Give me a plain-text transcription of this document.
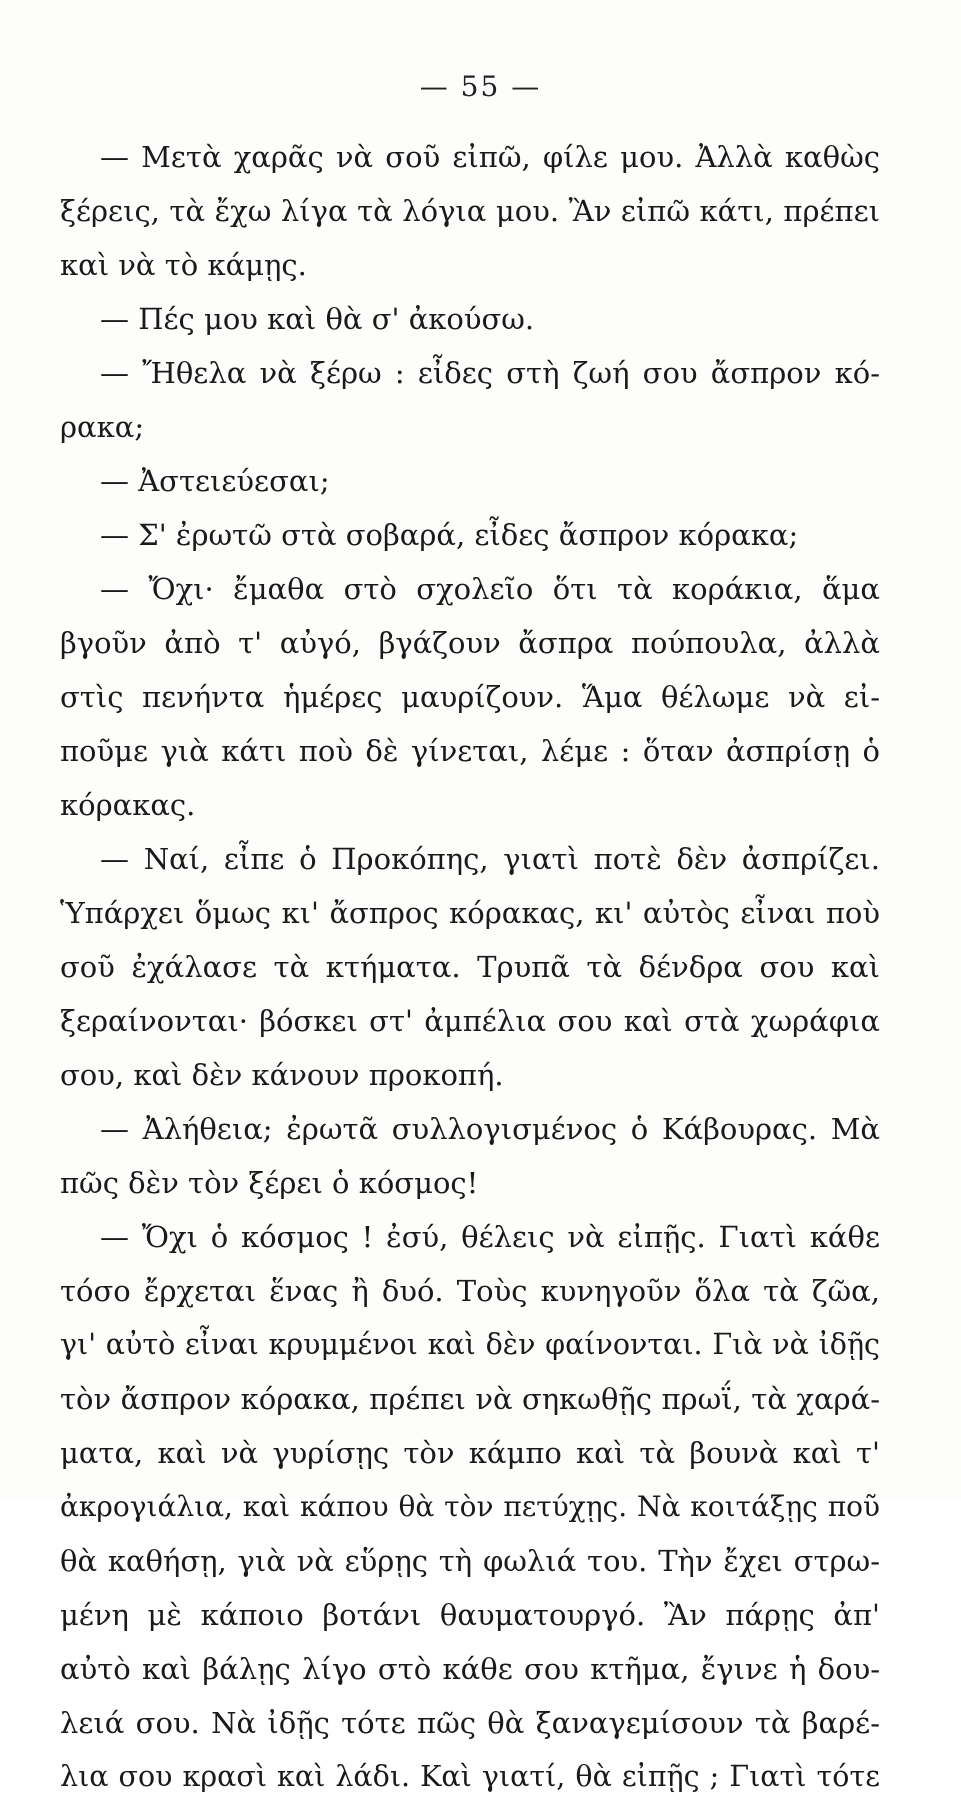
— 55 —
— Μετὰ χαρᾶς νὰ σοῦ εἰπῶ, φίλε μου. Ἀλλὰ καθὼς
ξέρεις, τὰ ἔχω λίγα τὰ λόγια μου. Ἂν εἰπῶ κάτι, πρέπει
καὶ νὰ τὸ κάμῃς.
— Πές μου καὶ θὰ σ' ἀκούσω.
— Ἤθελα νὰ ξέρω : εἶδες στὴ ζωή σου ἄσπρον κό-
ρακα;
— Ἀστειεύεσαι;
— Σ' ἐρωτῶ στὰ σοβαρά, εἶδες ἄσπρον κόρακα;
— Ὄχι· ἔμαθα στὸ σχολεῖο ὅτι τὰ κοράκια, ἅμα
βγοῦν ἀπὸ τ' αὐγό, βγάζουν ἄσπρα πούπουλα, ἀλλὰ
στὶς πενήντα ἡμέρες μαυρίζουν. Ἅμα θέλωμε νὰ εἰ-
ποῦμε γιὰ κάτι ποὺ δὲ γίνεται, λέμε : ὅταν ἀσπρίσῃ ὁ
κόρακας.
— Ναί, εἶπε ὁ Προκόπης, γιατὶ ποτὲ δὲν ἀσπρίζει.
Ὑπάρχει ὅμως κι' ἄσπρος κόρακας, κι' αὐτὸς εἶναι ποὺ
σοῦ ἐχάλασε τὰ κτήματα. Τρυπᾶ τὰ δένδρα σου καὶ
ξεραίνονται· βόσκει στ' ἀμπέλια σου καὶ στὰ χωράφια
σου, καὶ δὲν κάνουν προκοπή.
— Ἀλήθεια; ἐρωτᾶ συλλογισμένος ὁ Κάβουρας. Μὰ
πῶς δὲν τὸν ξέρει ὁ κόσμος!
— Ὄχι ὁ κόσμος ! ἐσύ, θέλεις νὰ εἰπῇς. Γιατὶ κάθε
τόσο ἔρχεται ἕνας ἢ δυό. Τοὺς κυνηγοῦν ὅλα τὰ ζῶα,
γι' αὐτὸ εἶναι κρυμμένοι καὶ δὲν φαίνονται. Γιὰ νὰ ἰδῇς
τὸν ἄσπρον κόρακα, πρέπει νὰ σηκωθῇς πρωΐ, τὰ χαρά-
ματα, καὶ νὰ γυρίσῃς τὸν κάμπο καὶ τὰ βουνὰ καὶ τ'
ἀκρογιάλια, καὶ κάπου θὰ τὸν πετύχῃς. Νὰ κοιτάξῃς ποῦ
θὰ καθήσῃ, γιὰ νὰ εὕρῃς τὴ φωλιά του. Τὴν ἔχει στρω-
μένη μὲ κάποιο βοτάνι θαυματουργό. Ἂν πάρῃς ἀπ'
αὐτὸ καὶ βάλῃς λίγο στὸ κάθε σου κτῆμα, ἔγινε ἡ δου-
λειά σου. Νὰ ἰδῇς τότε πῶς θὰ ξαναγεμίσουν τὰ βαρέ-
λια σου κρασὶ καὶ λάδι. Καὶ γιατί, θὰ εἰπῇς ; Γιατὶ τότε
